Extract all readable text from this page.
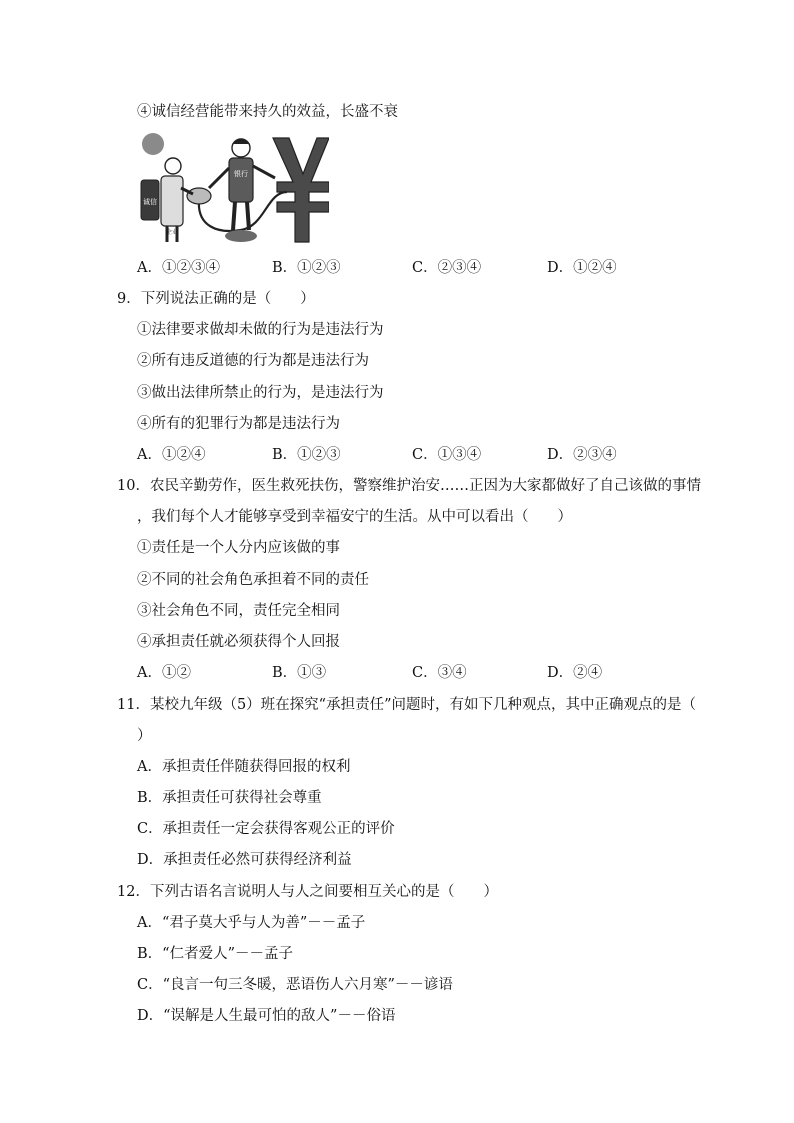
④诚信经营能带来持久的效益，长盛不衰
银行
诚信
企业
A．①②③④	B．①②③	C．②③④	D．①②④
9．下列说法正确的是（　　）
①法律要求做却未做的行为是违法行为
②所有违反道德的行为都是违法行为
③做出法律所禁止的行为，是违法行为
④所有的犯罪行为都是违法行为
A．①②④	B．①②③	C．①③④	D．②③④
10．农民辛勤劳作，医生救死扶伤，警察维护治安……正因为大家都做好了自己该做的事情
，我们每个人才能够享受到幸福安宁的生活。从中可以看出（　　）
①责任是一个人分内应该做的事
②不同的社会角色承担着不同的责任
③社会角色不同，责任完全相同
④承担责任就必须获得个人回报
A．①②	B．①③	C．③④	D．②④
11．某校九年级（5）班在探究“承担责任”问题时，有如下几种观点，其中正确观点的是（
）
A．承担责任伴随获得回报的权利
B．承担责任可获得社会尊重
C．承担责任一定会获得客观公正的评价
D．承担责任必然可获得经济利益
12．下列古语名言说明人与人之间要相互关心的是（　　）
A．“君子莫大乎与人为善”－－孟子
B．“仁者爱人”－－孟子
C．“良言一句三冬暖，恶语伤人六月寒”－－谚语
D．“误解是人生最可怕的敌人”－－俗语
